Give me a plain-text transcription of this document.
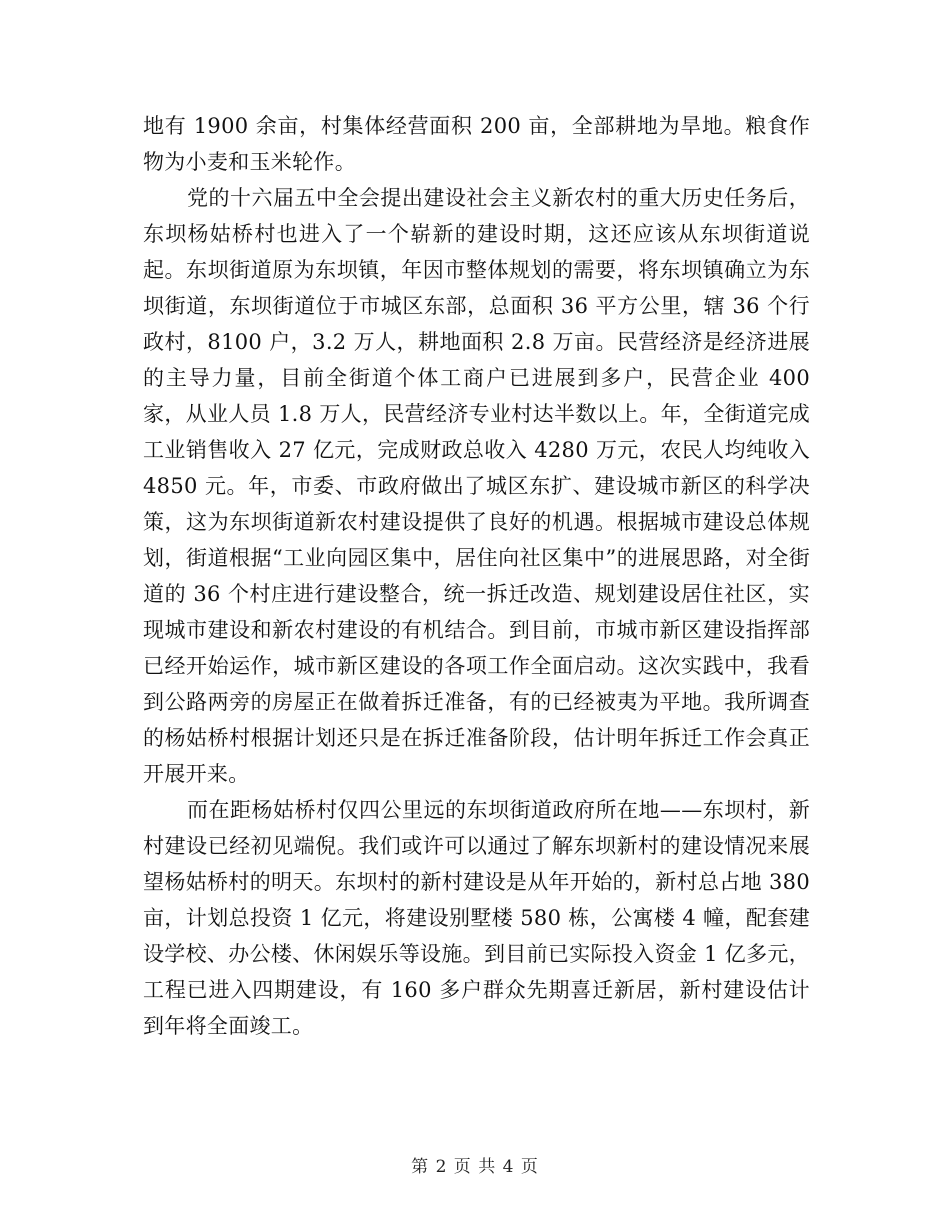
地有 1900 余亩，村集体经营面积 200 亩，全部耕地为旱地。粮食作物为小麦和玉米轮作。

党的十六届五中全会提出建设社会主义新农村的重大历史任务后，东坝杨姑桥村也进入了一个崭新的建设时期，这还应该从东坝街道说起。东坝街道原为东坝镇，年因市整体规划的需要，将东坝镇确立为东坝街道，东坝街道位于市城区东部，总面积 36 平方公里，辖 36 个行政村，8100 户，3.2 万人，耕地面积 2.8 万亩。民营经济是经济进展的主导力量，目前全街道个体工商户已进展到多户，民营企业 400 家，从业人员 1.8 万人，民营经济专业村达半数以上。年，全街道完成工业销售收入 27 亿元，完成财政总收入 4280 万元，农民人均纯收入 4850 元。年，市委、市政府做出了城区东扩、建设城市新区的科学决策，这为东坝街道新农村建设提供了良好的机遇。根据城市建设总体规划，街道根据“工业向园区集中，居住向社区集中”的进展思路，对全街道的 36 个村庄进行建设整合，统一拆迁改造、规划建设居住社区，实现城市建设和新农村建设的有机结合。到目前，市城市新区建设指挥部已经开始运作，城市新区建设的各项工作全面启动。这次实践中，我看到公路两旁的房屋正在做着拆迁准备，有的已经被夷为平地。我所调查的杨姑桥村根据计划还只是在拆迁准备阶段，估计明年拆迁工作会真正开展开来。

而在距杨姑桥村仅四公里远的东坝街道政府所在地——东坝村，新村建设已经初见端倪。我们或许可以通过了解东坝新村的建设情况来展望杨姑桥村的明天。东坝村的新村建设是从年开始的，新村总占地 380 亩，计划总投资 1 亿元，将建设别墅楼 580 栋，公寓楼 4 幢，配套建设学校、办公楼、休闲娱乐等设施。到目前已实际投入资金 1 亿多元，工程已进入四期建设，有 160 多户群众先期喜迁新居，新村建设估计到年将全面竣工。

第 2 页 共 4 页
